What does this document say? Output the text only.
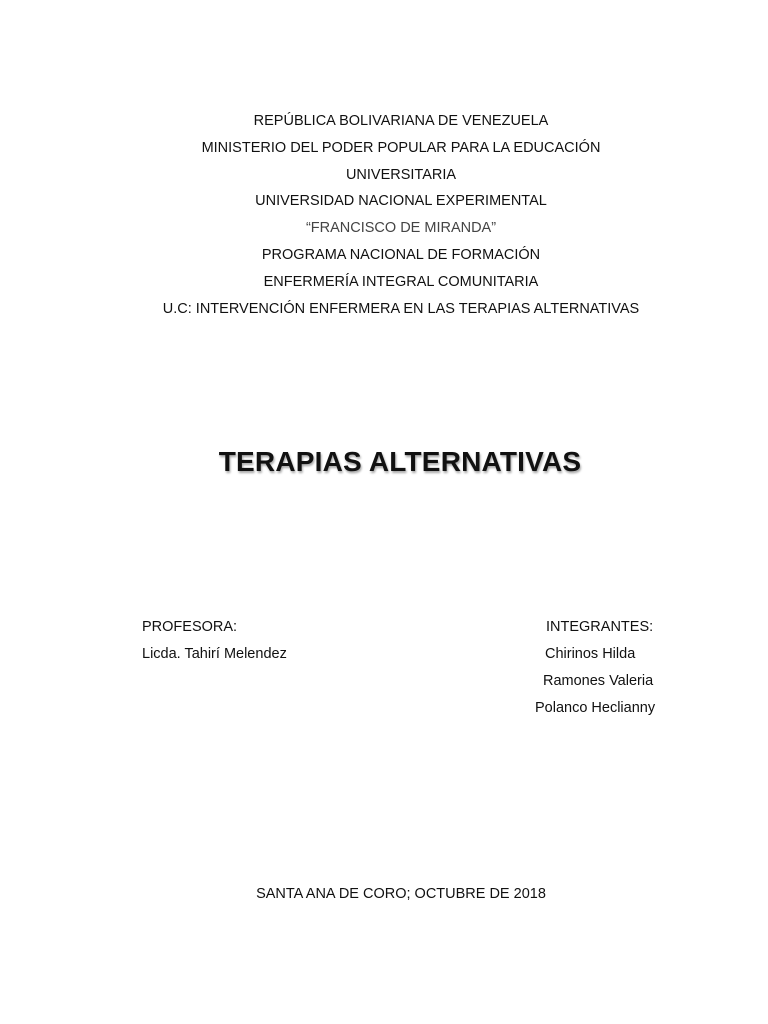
REPÚBLICA BOLIVARIANA DE VENEZUELA
MINISTERIO DEL PODER POPULAR PARA LA EDUCACIÓN
UNIVERSITARIA
UNIVERSIDAD NACIONAL EXPERIMENTAL
“FRANCISCO DE MIRANDA”
PROGRAMA NACIONAL DE FORMACIÓN
ENFERMERÍA INTEGRAL COMUNITARIA
U.C: INTERVENCIÓN ENFERMERA EN LAS TERAPIAS ALTERNATIVAS
TERAPIAS ALTERNATIVAS
PROFESORA:
Licda. Tahirí Melendez
INTEGRANTES:
Chirinos Hilda
Ramones Valeria
Polanco Heclianny
SANTA ANA DE CORO; OCTUBRE DE 2018
